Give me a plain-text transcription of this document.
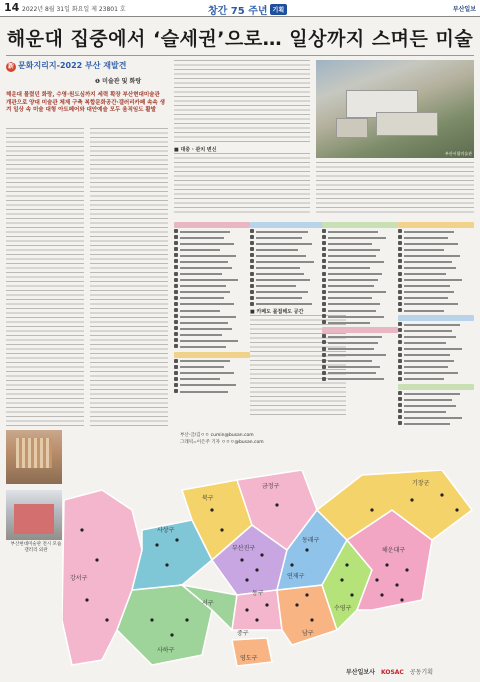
14 2022년 8월 31일 화요일 제 23801 호	창간 75 주년 기획	부산일보
해운대 집중에서 ‘슬세권’으로… 일상까지 스며든 미술
新 문화지리지-2022 부산 재발견
❶ 미술관 및 화랑
해운대 몰렸던 화랑, 수영·원도심까지 세력 확장 부산현대미술관 개관으로 양대 미술관 체제 구축 복합문화공간·갤러리카페 속속 생겨 일상 속 미술 대형 아트페어와 대안예술 모두 움직임도 활발
■ 대중 · 관치 변신
■ 카페도 몰접해도 공간
부산시립미술관
부산현대미술관 전시 모습
갤러리 외관
부산-글/김ㅇㅇ cumin@busan.com
그래픽=이은주 기자 ㅇㅇㅇ@busan.com
강서구
사하구
사상구
북구
부산진구
서구
동구
중구
영도구
남구
금정구
동래구
연제구
수영구
해운대구
기장군
부산일보사 KOSAC 공동기획
